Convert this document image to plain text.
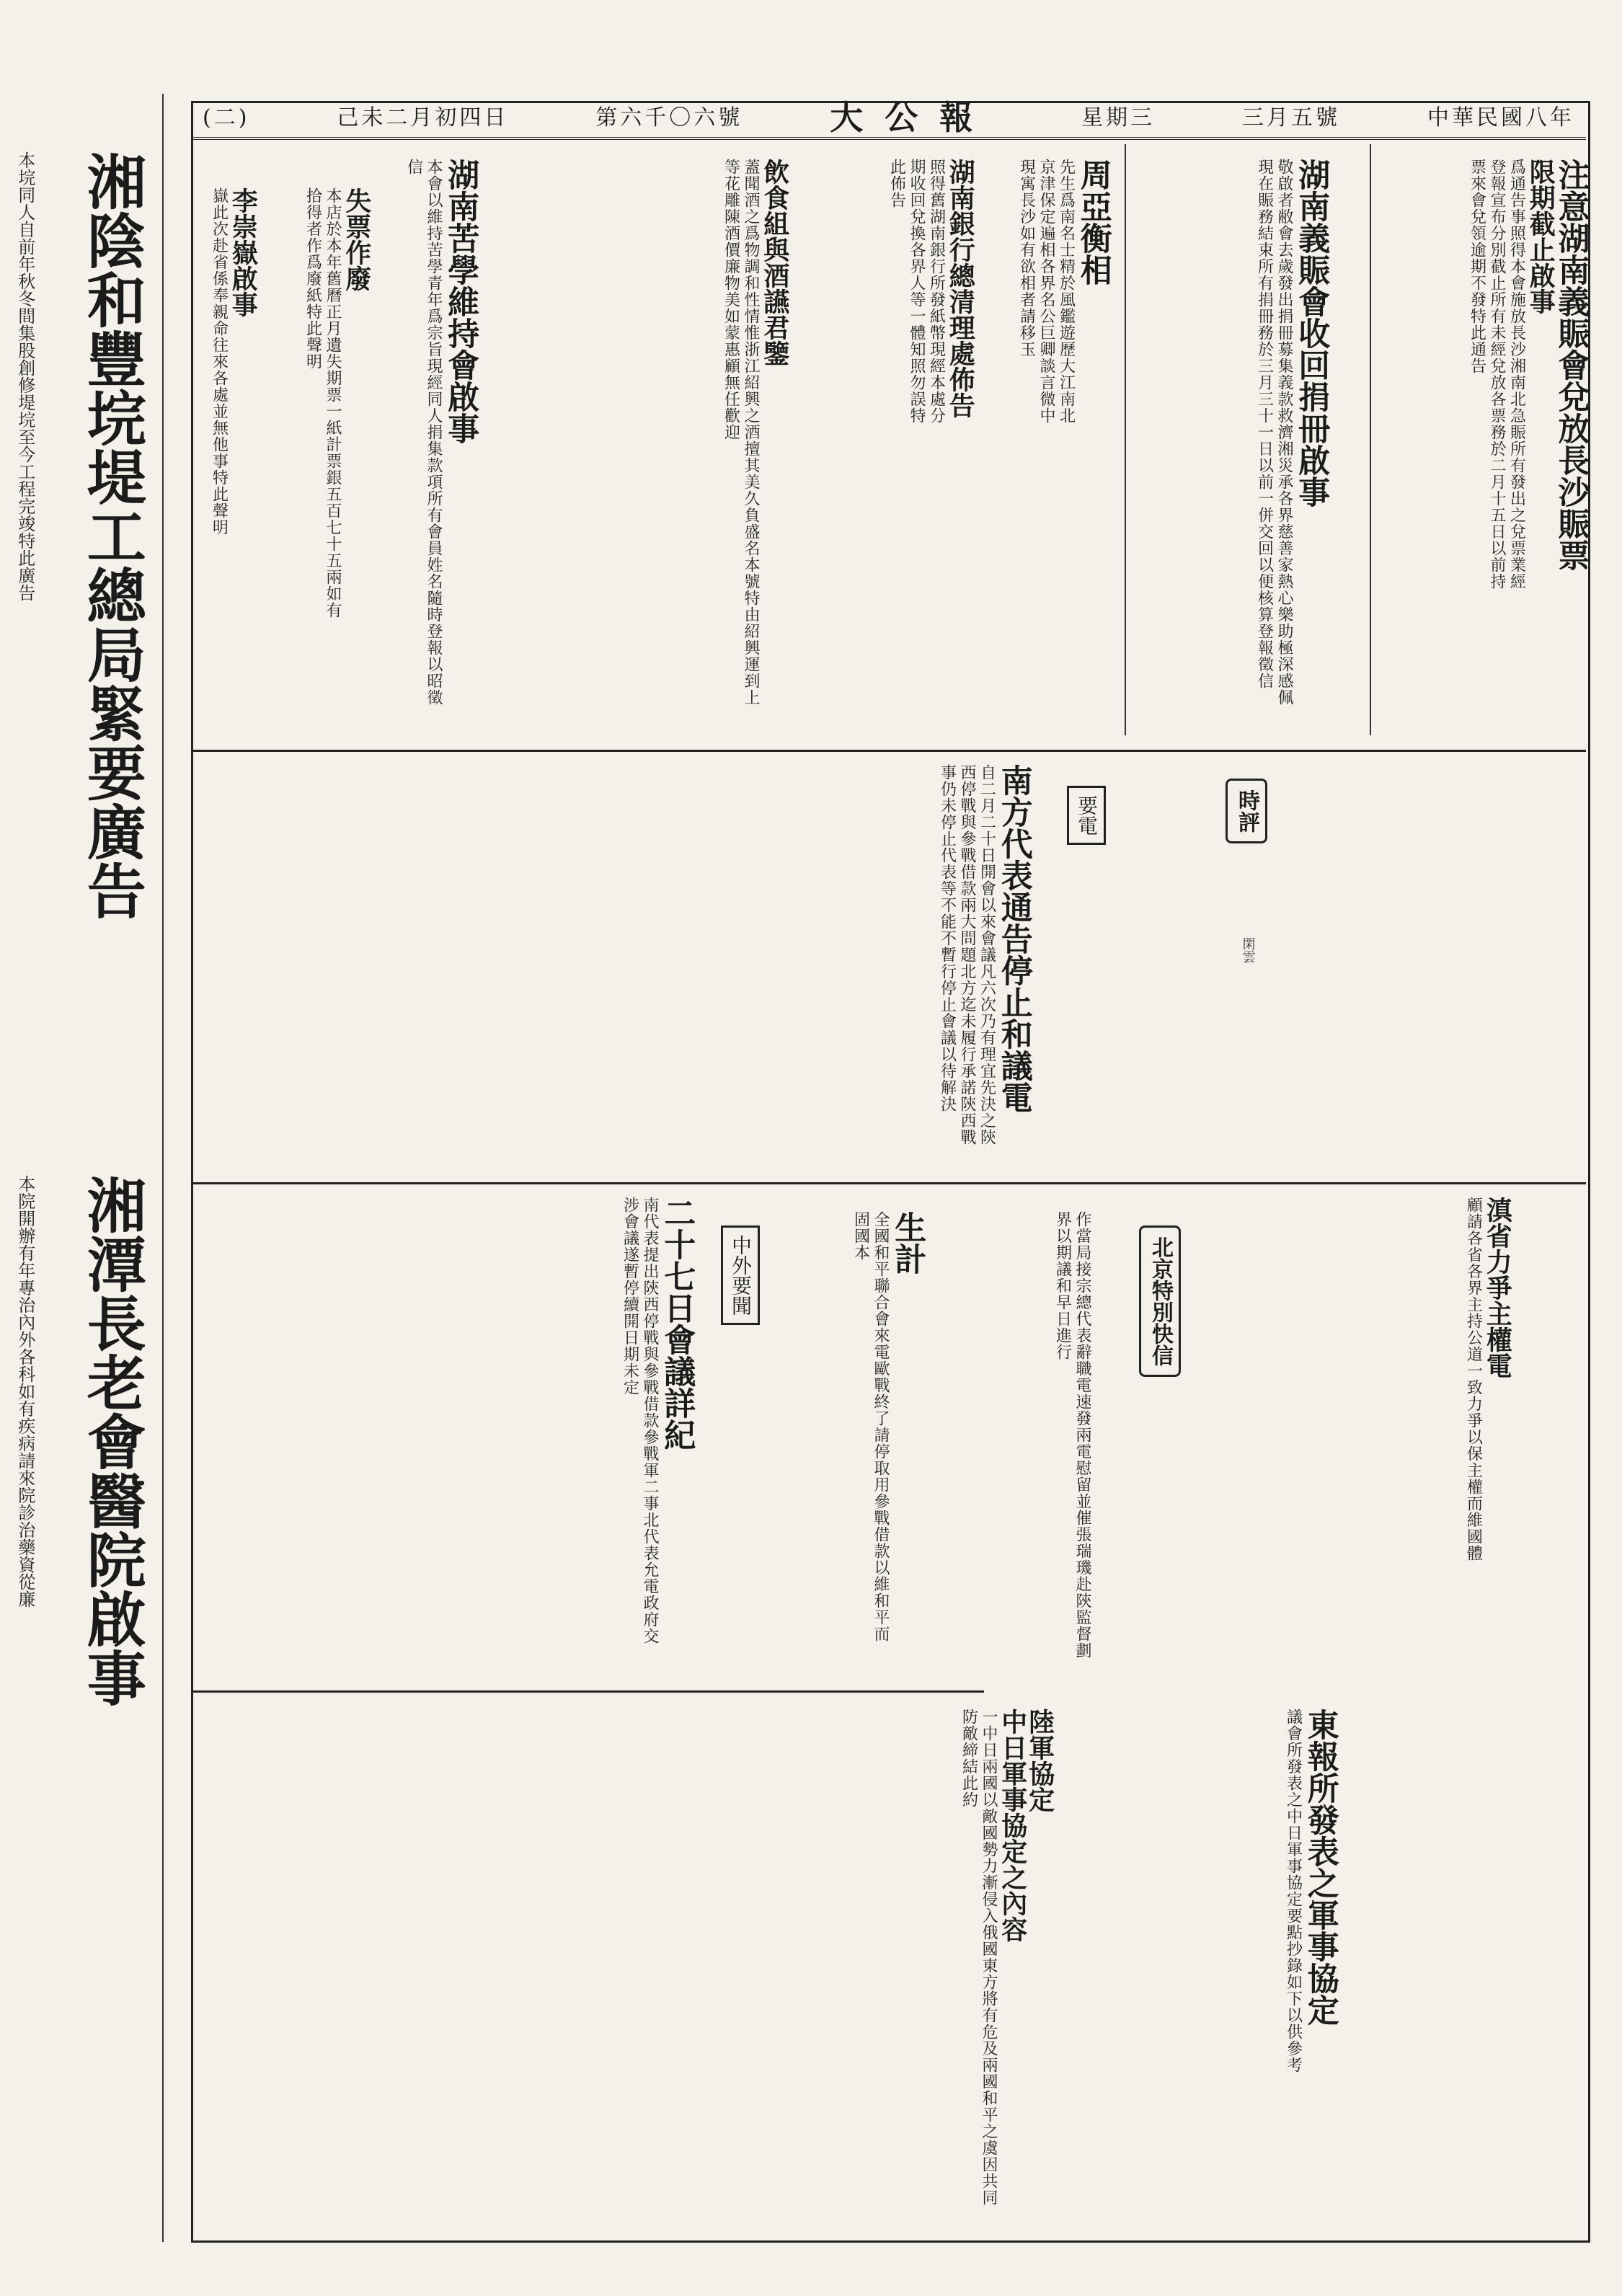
中華民國八年
三月五號
星期三
大公報
第六千〇六號
己未二月初四日
(二)
注意湖南義賑會兌放長沙賑票
限期截止啟事
爲通告事照得本會施放長沙湘南北急賑所有發出之兌票業經登報宣布分別截止所有未經兌放各票務於二月十五日以前持票來會兌領逾期不發特此通告
湖南義賑會收回捐冊啟事
敬啟者敝會去歲發出捐冊募集義款救濟湘災承各界慈善家熱心樂助極深感佩現在賑務結束所有捐冊務於三月三十一日以前一併交回以便核算登報徵信
周亞衡相
先生爲南名士精於風鑑遊歷大江南北京津保定遍相各界名公巨卿談言微中現寓長沙如有欲相者請移玉
湖南銀行總清理處佈告
照得舊湖南銀行所發紙幣現經本處分期收回兌換各界人等一體知照勿誤特此佈告
飲食組與酒讌君鑒
蓋聞酒之爲物調和性情惟浙江紹興之酒擅其美久負盛名本號特由紹興運到上等花雕陳酒價廉物美如蒙惠顧無任歡迎
湖南苦學維持會啟事
本會以維持苦學青年爲宗旨現經同人捐集款項所有會員姓名隨時登報以昭徵信
失票作廢
本店於本年舊曆正月遺失期票一紙計票銀五百七十五兩如有拾得者作爲廢紙特此聲明
李崇嶽啟事
嶽此次赴省係奉親命往來各處並無他事特此聲明
時評
閑雲
要電
南方代表通告停止和議電
自二月二十日開會以來會議凡六次乃有理宜先決之陝西停戰與參戰借款兩大問題北方迄未履行承諾陝西戰事仍未停止代表等不能不暫行停止會議以待解決
滇省力爭主權電
顧請各省各界主持公道一致力爭以保主權而維國體
北京特別快信
作當局接宗總代表辭職電速發兩電慰留並催張瑞璣赴陝監督劃界以期議和早日進行
生計
全國和平聯合會來電歐戰終了請停取用參戰借款以維和平而固國本
中外要聞
二十七日會議詳紀
南代表提出陝西停戰與參戰借款參戰軍二事北代表允電政府交涉會議遂暫停續開日期未定
東報所發表之軍事協定
議會所發表之中日軍事協定要點抄錄如下以供參考
陸軍協定
中日軍事協定之內容
一中日兩國以敵國勢力漸侵入俄國東方將有危及兩國和平之虞因共同防敵締結此約
湘陰和豐垸堤工總局緊要廣告
本垸同人自前年秋冬間集股創修堤垸至今工程完竣特此廣告
湘潭長老會醫院啟事
本院開辦有年專治內外各科如有疾病請來院診治藥資從廉
